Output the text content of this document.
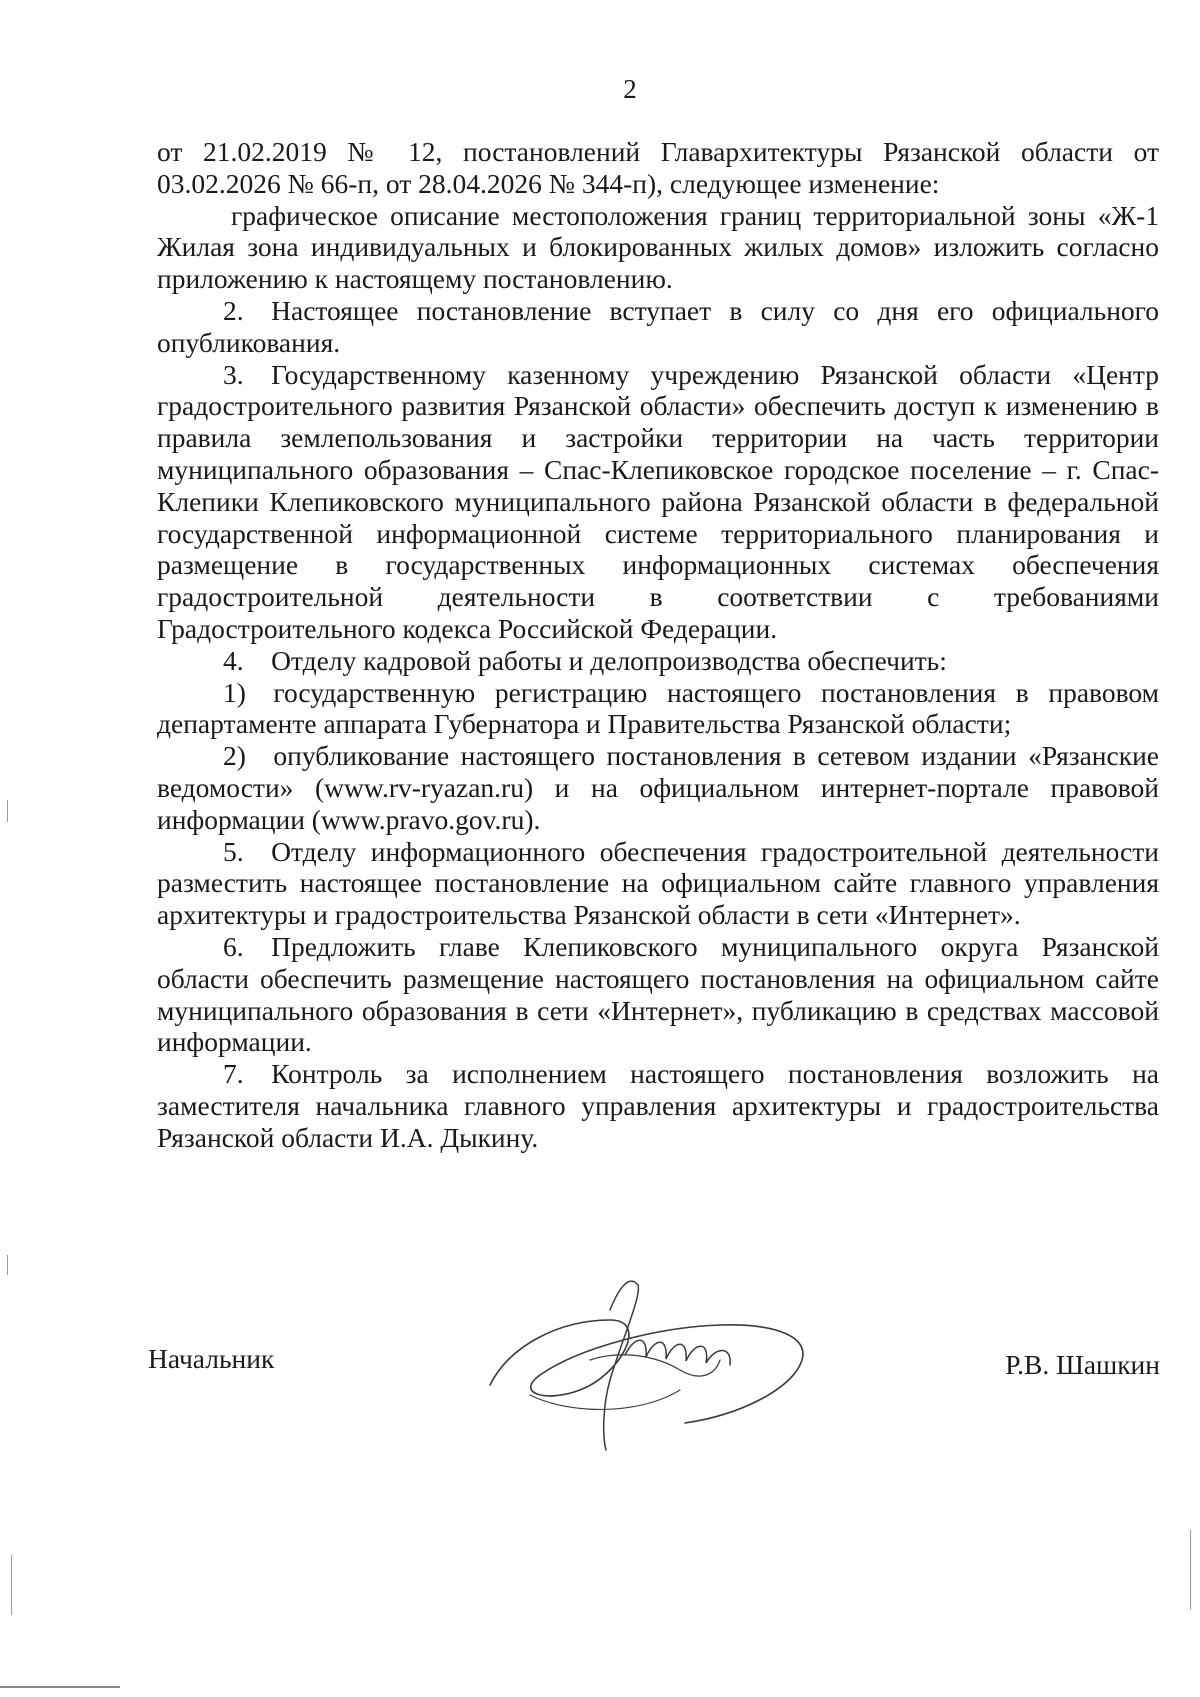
2

от 21.02.2019 № 12, постановлений Главархитектуры Рязанской области от 03.02.2026 № 66-п, от 28.04.2026 № 344-п), следующее изменение:

графическое описание местоположения границ территориальной зоны «Ж-1 Жилая зона индивидуальных и блокированных жилых домов» изложить согласно приложению к настоящему постановлению.

2. Настоящее постановление вступает в силу со дня его официального опубликования.

3. Государственному казенному учреждению Рязанской области «Центр градостроительного развития Рязанской области» обеспечить доступ к изменению в правила землепользования и застройки территории на часть территории муниципального образования – Спас-Клепиковское городское поселение – г. Спас-Клепики Клепиковского муниципального района Рязанской области в федеральной государственной информационной системе территориального планирования и размещение в государственных информационных системах обеспечения градостроительной деятельности в соответствии с требованиями Градостроительного кодекса Российской Федерации.

4. Отделу кадровой работы и делопроизводства обеспечить:

1) государственную регистрацию настоящего постановления в правовом департаменте аппарата Губернатора и Правительства Рязанской области;

2) опубликование настоящего постановления в сетевом издании «Рязанские ведомости» (www.rv-ryazan.ru) и на официальном интернет-портале правовой информации (www.pravo.gov.ru).

5. Отделу информационного обеспечения градостроительной деятельности разместить настоящее постановление на официальном сайте главного управления архитектуры и градостроительства Рязанской области в сети «Интернет».

6. Предложить главе Клепиковского муниципального округа Рязанской области обеспечить размещение настоящего постановления на официальном сайте муниципального образования в сети «Интернет», публикацию в средствах массовой информации.

7. Контроль за исполнением настоящего постановления возложить на заместителя начальника главного управления архитектуры и градостроительства Рязанской области И.А. Дыкину.

Начальник	Р.В. Шашкин
